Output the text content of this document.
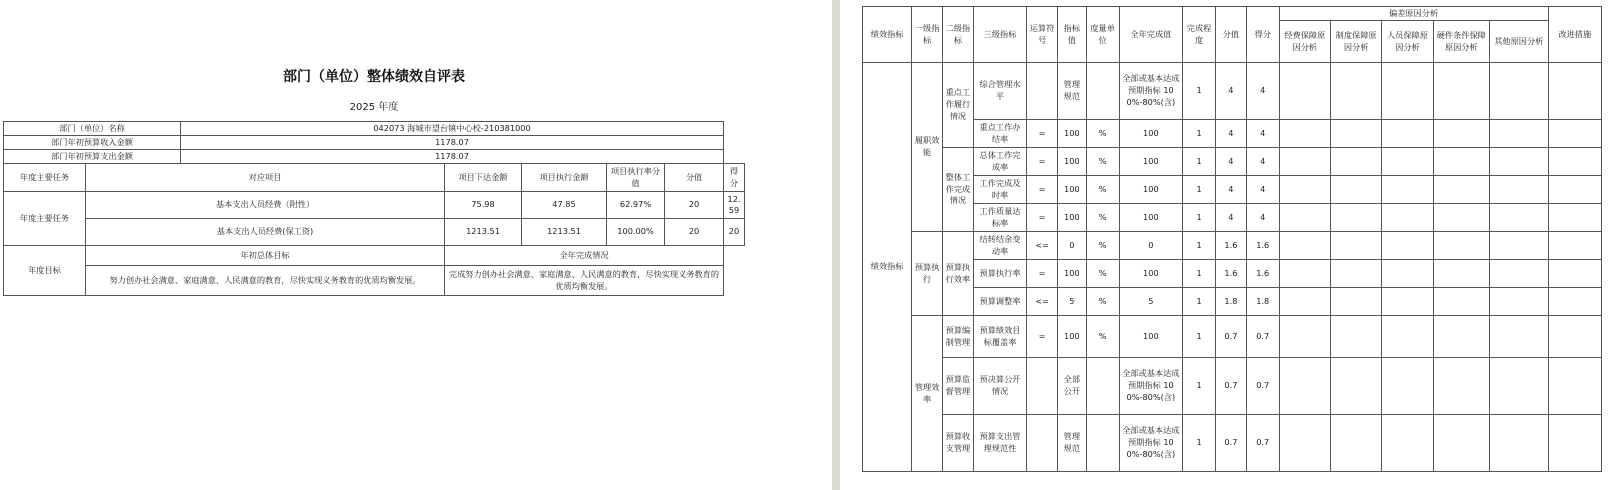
部门（单位）整体绩效自评表
2025 年度
部门（单位）名称		042073 海城市望台镇中心校-210381000					
部门年初预算收入金额		1178.07					
部门年初预算支出金额		1178.07					
年度主要任务	对应项目		项目下达金额	项目执行金额	项目执行率分值	分值	得分
年度主要任务	基本支出人员经费（附性）		75.98	47.85	62.97%	20	12.59
	基本支出人员经费(保工资)		1213.51	1213.51	100.00%	20	20
年度目标	年初总体目标		全年完成情况				
	努力创办社会满意、家庭满意、人民满意的教育，尽快实现义务教育的优质均衡发展。		完成努力创办社会满意、家庭满意、人民满意的教育，尽快实现义务教育的优质均衡发展。				
绩效指标	一级指标	二级指标	三级指标	运算符号	指标值	度量单位	全年完成值	完成程度	分值	得分	偏差原因分析					改进措施
											经费保障原因分析	制度保障原因分析	人员保障原因分析	硬件条件保障原因分析	其他原因分析	
绩效指标	履职效能	重点工作履行情况	综合管理水平		管理规范		全部或基本达成预期指标 100%-80%(含)	1	4	4						
			重点工作办结率	=	100	%	100	1	4	4						
		整体工作完成情况	总体工作完成率	=	100	%	100	1	4	4						
			工作完成及时率	=	100	%	100	1	4	4						
			工作质量达标率	=	100	%	100	1	4	4						
	预算执行	预算执行效率	结转结余变动率	<=	0	%	0	1	1.6	1.6						
			预算执行率	=	100	%	100	1	1.6	1.6						
			预算调整率	<=	5	%	5	1	1.8	1.8						
	管理效率	预算编制管理	预算绩效目标覆盖率	=	100	%	100	1	0.7	0.7						
		预算监督管理	预决算公开情况		全部公开		全部或基本达成预期指标 100%-80%(含)	1	0.7	0.7						
		预算收支管理	预算支出管理规范性		管理规范		全部或基本达成预期指标 100%-80%(含)	1	0.7	0.7						
